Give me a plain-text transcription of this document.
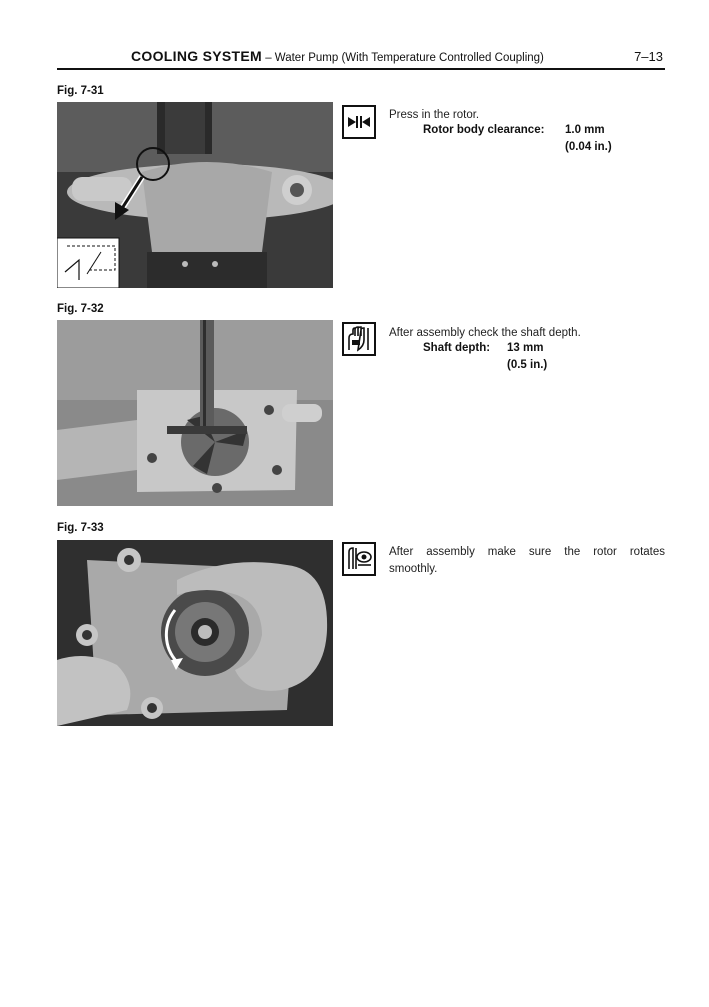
COOLING SYSTEM – Water Pump (With Temperature Controlled Coupling)	7–13
Fig. 7-31
Press in the rotor.
Rotor body clearance: 1.0 mm
(0.04 in.)
Fig. 7-32
After assembly check the shaft depth.
Shaft depth: 13 mm
(0.5 in.)
Fig. 7-33
After assembly make sure the rotor rotates smoothly.
